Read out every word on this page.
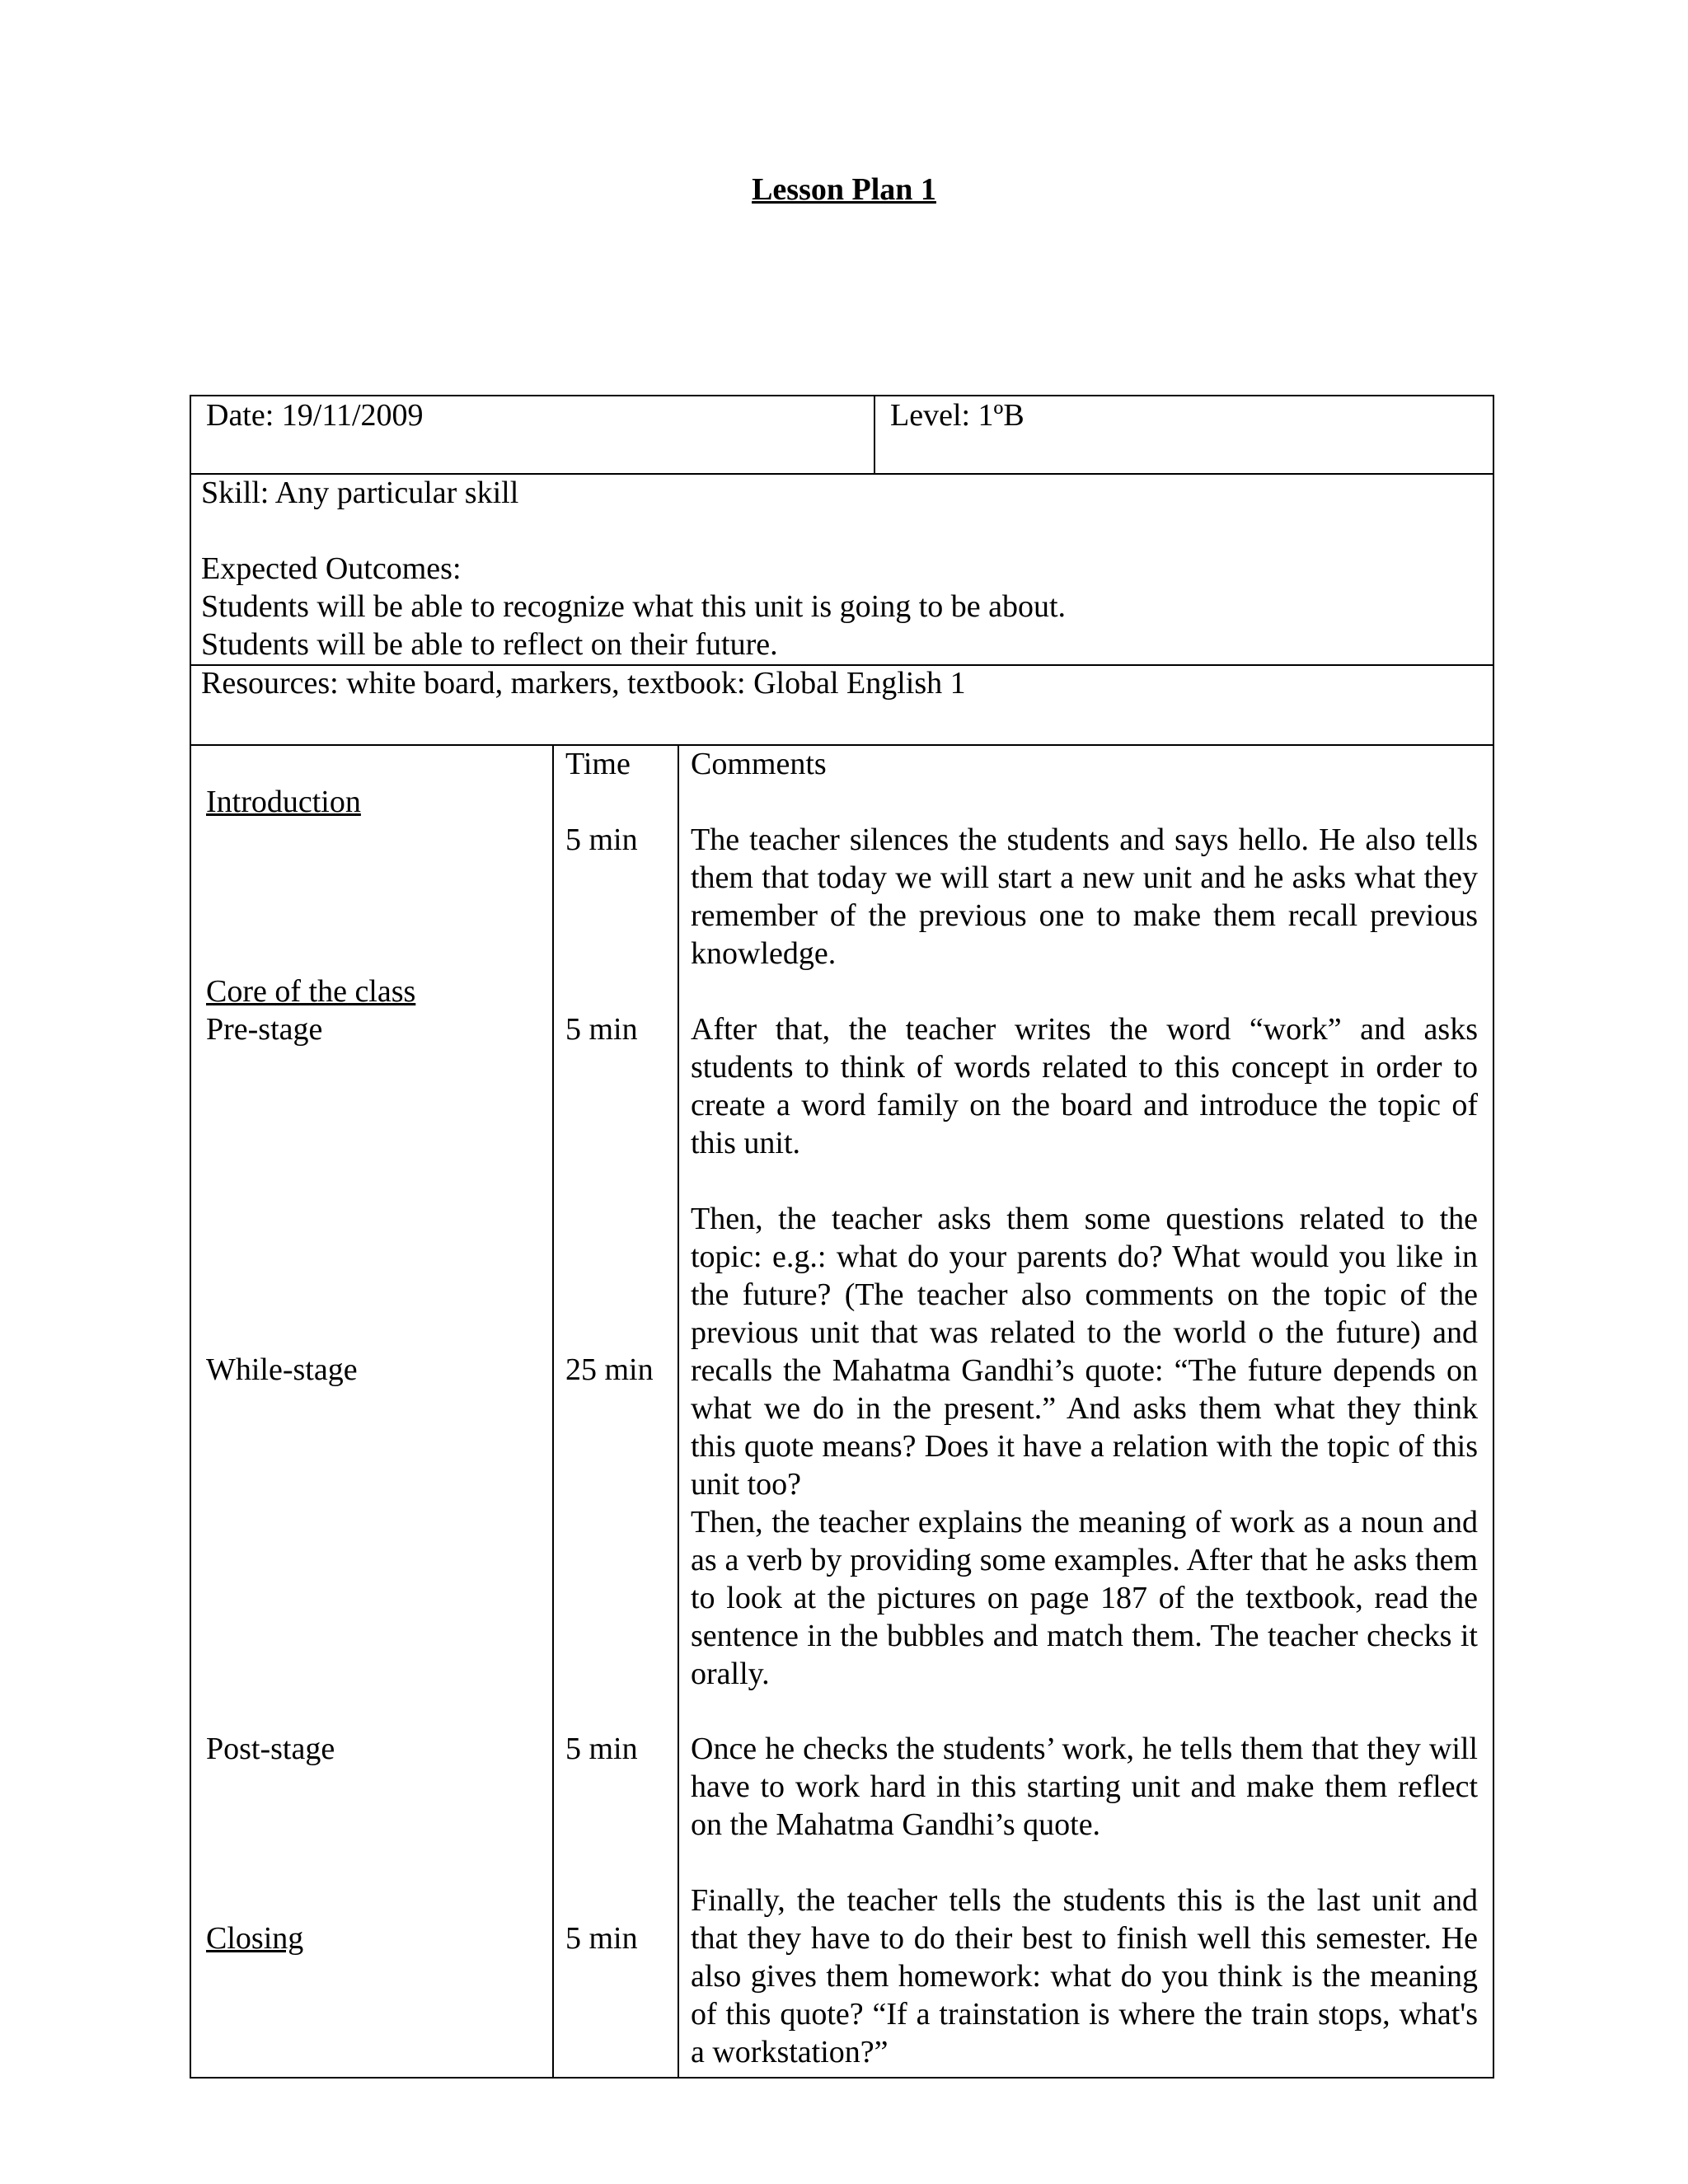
Lesson Plan 1
Date: 19/11/2009	Level: 1ºB
Skill: Any particular skill
Expected Outcomes:
Students will be able to recognize what this unit is going to be about.
Students will be able to reflect on their future.
Resources: white board, markers, textbook: Global English 1
Introduction
Core of the class
Pre-stage
While-stage
Post-stage
Closing
Time
5 min
5 min
25 min
5 min
5 min
Comments
The teacher silences the students and says hello. He also tells them that today we will start a new unit and he asks what they remember of the previous one to make them recall previous knowledge.
After that, the teacher writes the word “work” and asks students to think of words related to this concept in order to create a word family on the board and introduce the topic of this unit.
Then, the teacher asks them some questions related to the topic: e.g.: what do your parents do? What would you like in the future? (The teacher also comments on the topic of the previous unit that was related to the world o the future) and recalls the Mahatma Gandhi’s quote: “The future depends on what we do in the present.” And asks them what they think this quote means? Does it have a relation with the topic of this unit too?
Then, the teacher explains the meaning of work as a noun and as a verb by providing some examples. After that he asks them to look at the pictures on page 187 of the textbook, read the sentence in the bubbles and match them. The teacher checks it orally.
Once he checks the students’ work, he tells them that they will have to work hard in this starting unit and make them reflect on the Mahatma Gandhi’s quote.
Finally, the teacher tells the students this is the last unit and that they have to do their best to finish well this semester. He also gives them homework: what do you think is the meaning of this quote? “If a trainstation is where the train stops, what's a workstation?”
